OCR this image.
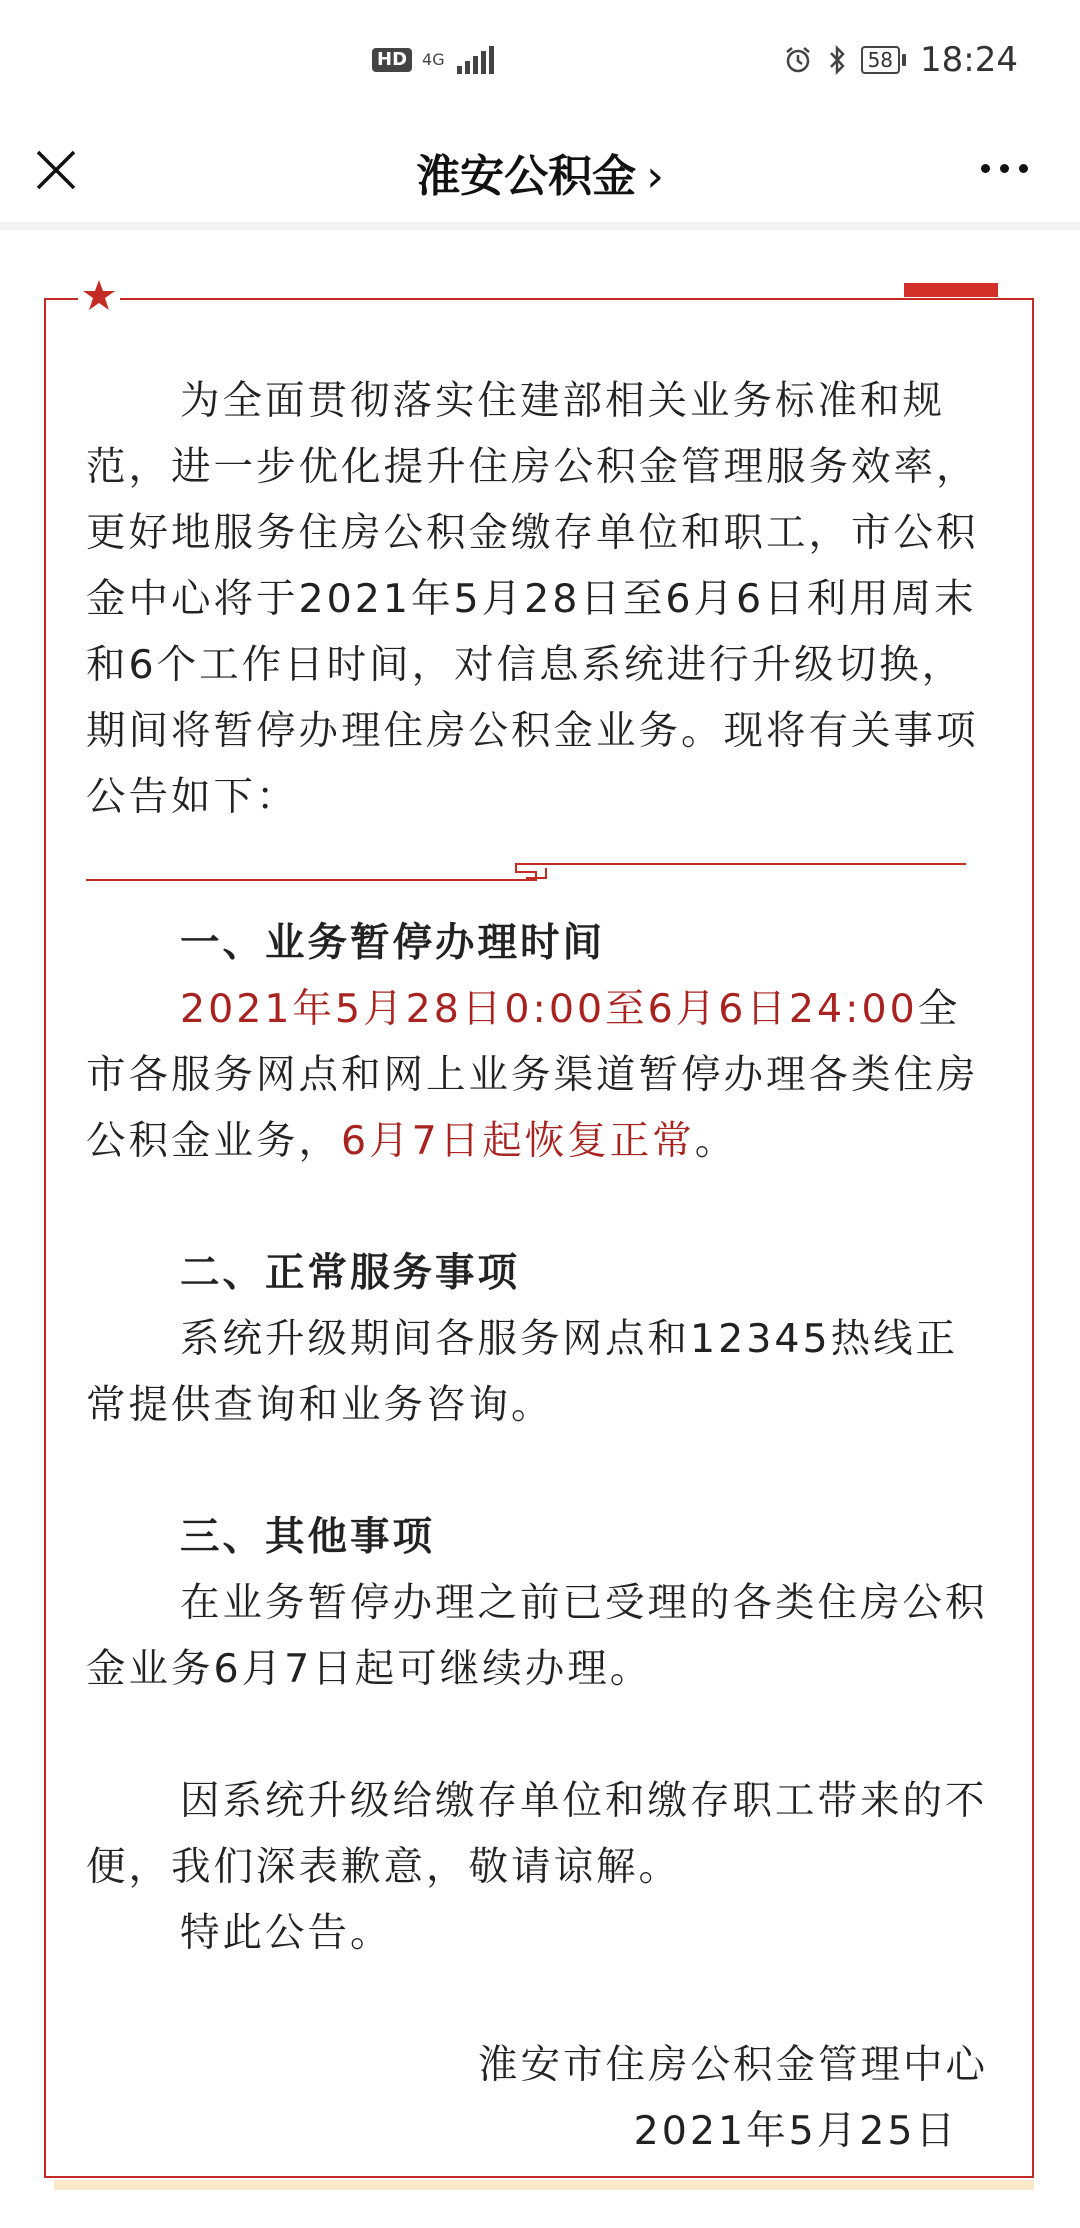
HD 4G	58 18:24
淮安公积金 ›
为全面贯彻落实住建部相关业务标准和规范，进一步优化提升住房公积金管理服务效率，更好地服务住房公积金缴存单位和职工，市公积金中心将于2021年5月28日至6月6日利用周末和6个工作日时间，对信息系统进行升级切换，期间将暂停办理住房公积金业务。现将有关事项公告如下：
一、业务暂停办理时间
2021年5月28日0:00至6月6日24:00全市各服务网点和网上业务渠道暂停办理各类住房公积金业务，6月7日起恢复正常。
二、正常服务事项
系统升级期间各服务网点和12345热线正常提供查询和业务咨询。
三、其他事项
在业务暂停办理之前已受理的各类住房公积金业务6月7日起可继续办理。
因系统升级给缴存单位和缴存职工带来的不便，我们深表歉意，敬请谅解。
特此公告。
淮安市住房公积金管理中心
2021年5月25日
